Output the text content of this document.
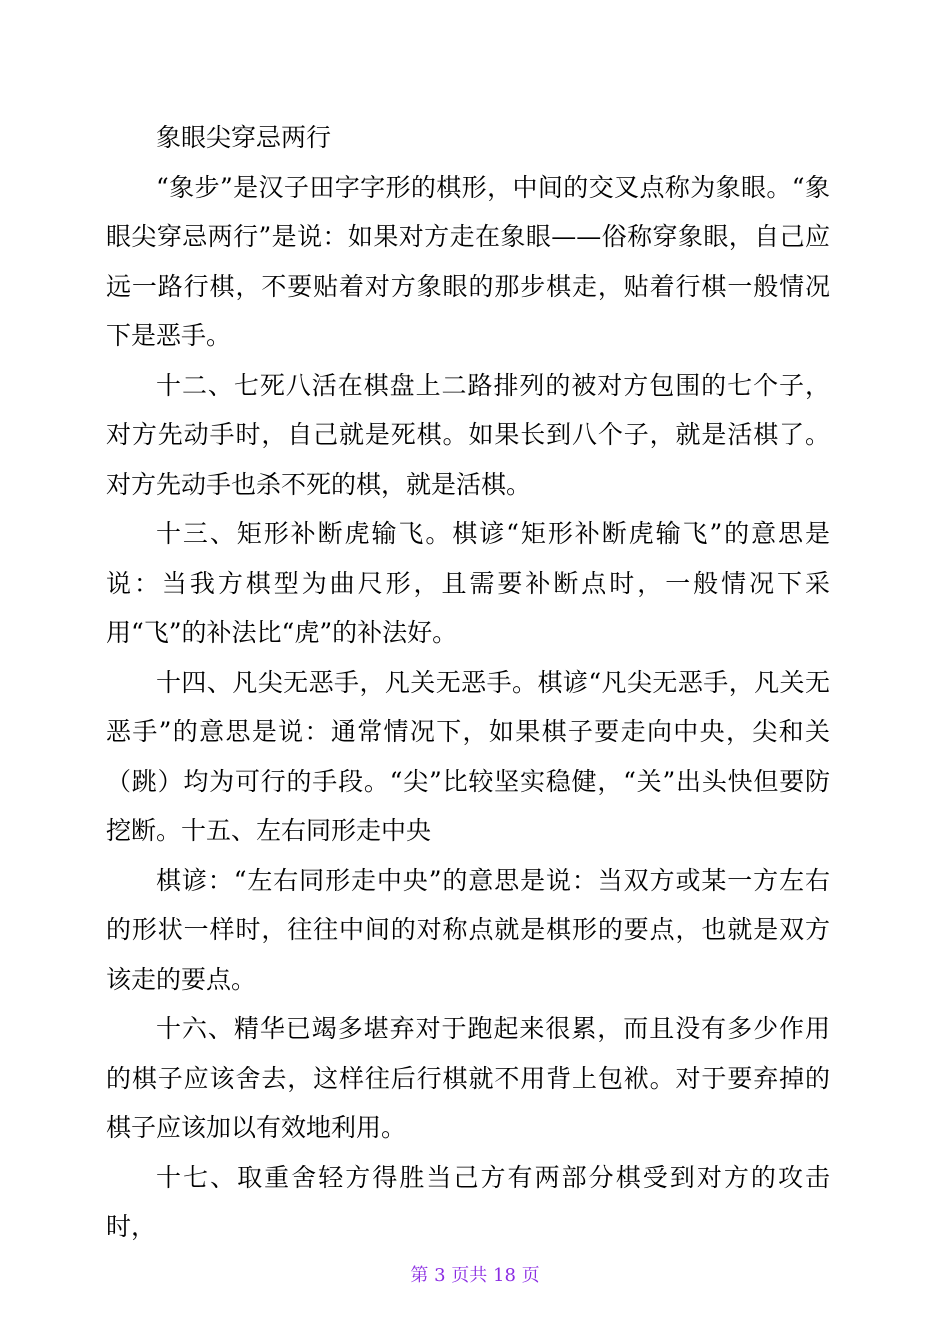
象眼尖穿忌两行

“象步”是汉子田字字形的棋形，中间的交叉点称为象眼。“象眼尖穿忌两行”是说：如果对方走在象眼——俗称穿象眼，自己应远一路行棋，不要贴着对方象眼的那步棋走，贴着行棋一般情况下是恶手。

十二、七死八活在棋盘上二路排列的被对方包围的七个子，对方先动手时，自己就是死棋。如果长到八个子，就是活棋了。对方先动手也杀不死的棋，就是活棋。

十三、矩形补断虎输飞。棋谚“矩形补断虎输飞”的意思是说：当我方棋型为曲尺形，且需要补断点时，一般情况下采用“飞”的补法比“虎”的补法好。

十四、凡尖无恶手，凡关无恶手。棋谚“凡尖无恶手，凡关无恶手”的意思是说：通常情况下，如果棋子要走向中央，尖和关（跳）均为可行的手段。“尖”比较坚实稳健，“关”出头快但要防挖断。十五、左右同形走中央

棋谚：“左右同形走中央”的意思是说：当双方或某一方左右的形状一样时，往往中间的对称点就是棋形的要点，也就是双方该走的要点。

十六、精华已竭多堪弃对于跑起来很累，而且没有多少作用的棋子应该舍去，这样往后行棋就不用背上包袱。对于要弃掉的棋子应该加以有效地利用。

十七、取重舍轻方得胜当己方有两部分棋受到对方的攻击时，

第 3 页共 18 页
